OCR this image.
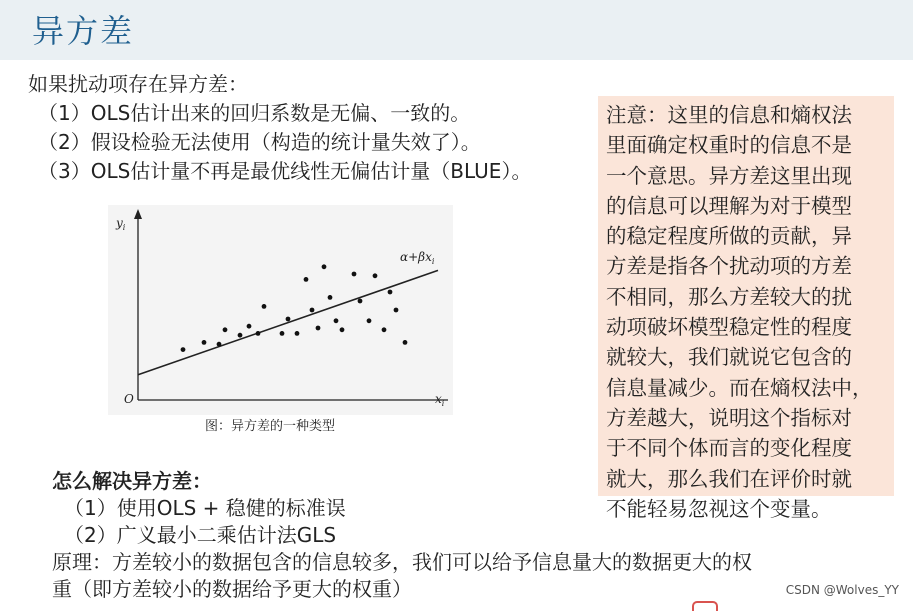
异方差
如果扰动项存在异方差：
（1）OLS估计出来的回归系数是无偏、一致的。
（2）假设检验无法使用（构造的统计量失效了）。
（3）OLS估计量不再是最优线性无偏估计量（BLUE）。
注意：这里的信息和熵权法
里面确定权重时的信息不是
一个意思。异方差这里出现
的信息可以理解为对于模型
的稳定程度所做的贡献，异
方差是指各个扰动项的方差
不相同，那么方差较大的扰
动项破坏模型稳定性的程度
就较大，我们就说它包含的
信息量减少。而在熵权法中，
方差越大，说明这个指标对
于不同个体而言的变化程度
就大，那么我们在评价时就
不能轻易忽视这个变量。
$y_i$
$x_i$
O
$\alpha+\beta x_i$
图：异方差的一种类型
怎么解决异方差：
（1）使用OLS + 稳健的标准误
（2）广义最小二乘估计法GLS
原理：方差较小的数据包含的信息较多，我们可以给予信息量大的数据更大的权
重（即方差较小的数据给予更大的权重）	CSDN @Wolves_YY
